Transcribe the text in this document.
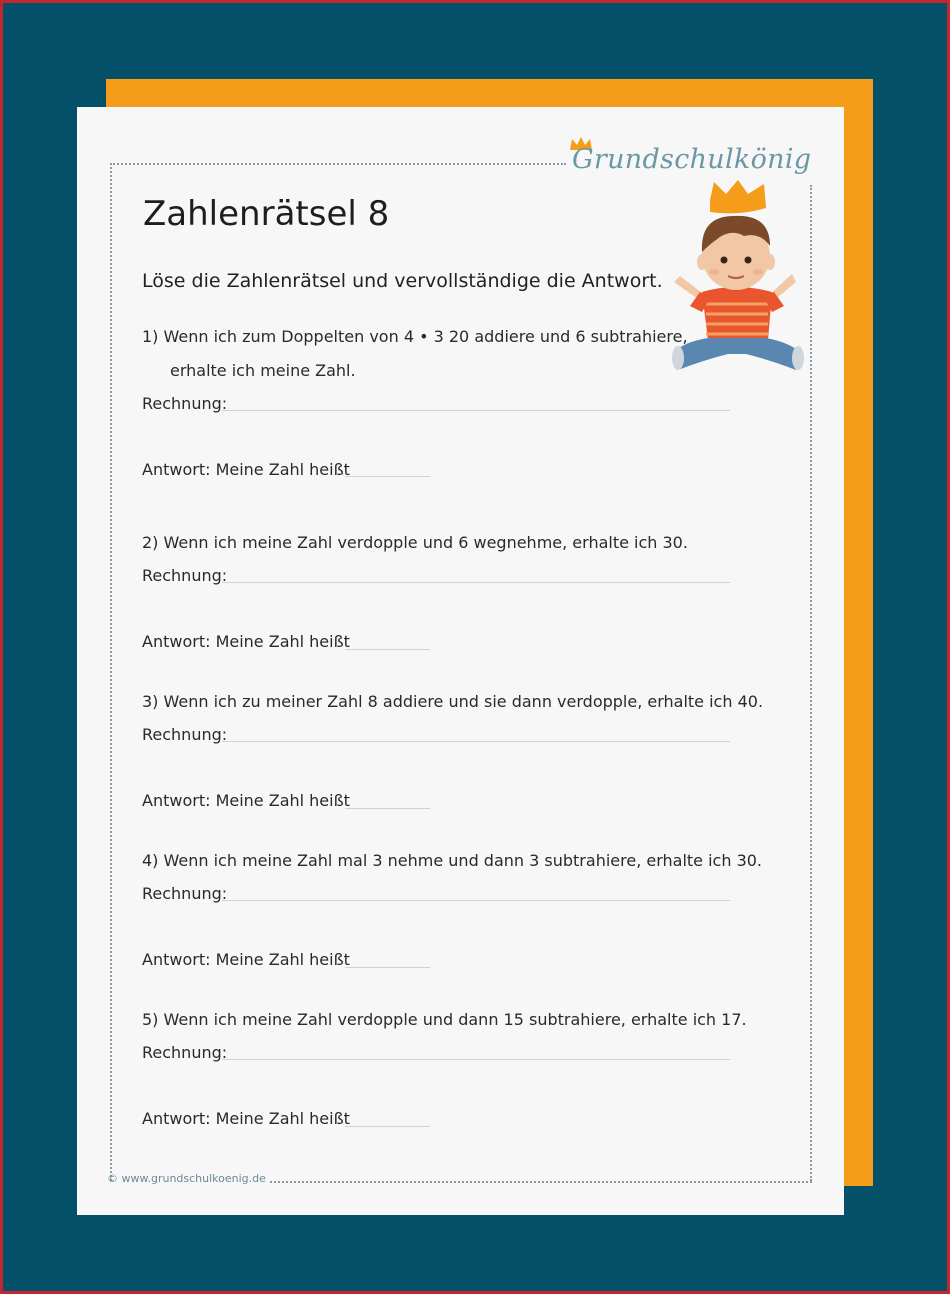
Grundschulkönig
Zahlenrätsel 8
Löse die Zahlenrätsel und vervollständige die Antwort.
1) Wenn ich zum Doppelten von 4 • 3 20 addiere und 6 subtrahiere,
erhalte ich meine Zahl.
Rechnung:
Antwort: Meine Zahl heißt
2) Wenn ich meine Zahl verdopple und 6 wegnehme, erhalte ich 30.
Rechnung:
Antwort: Meine Zahl heißt
3) Wenn ich zu meiner Zahl 8 addiere und sie dann verdopple, erhalte ich 40.
Rechnung:
Antwort: Meine Zahl heißt
4) Wenn ich meine Zahl mal 3 nehme und dann 3 subtrahiere, erhalte ich 30.
Rechnung:
Antwort: Meine Zahl heißt
5) Wenn ich meine Zahl verdopple und dann 15 subtrahiere, erhalte ich 17.
Rechnung:
Antwort: Meine Zahl heißt
© www.grundschulkoenig.de
